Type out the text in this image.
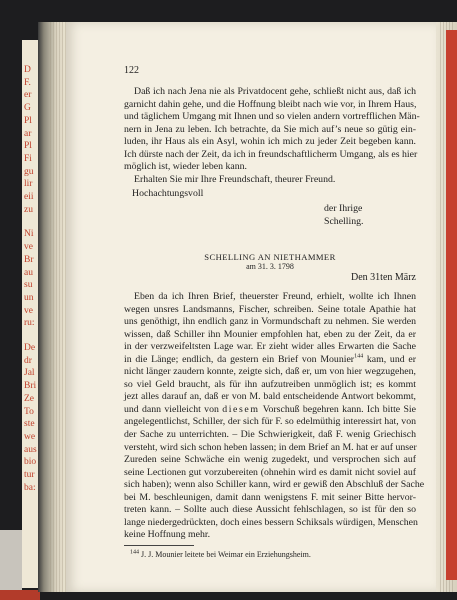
D
F.
er
G
Pl
ar
Pl
Fi
gu
lir
eii
zu
Ni
ve
Br
au
su
un
ve
ru:
De
dr
Jal
Bri
Ze
To
ste
we
aus
bio
tur
ba:
122
Daß ich nach Jena nie als Privatdocent gehe, schließt nicht aus, daß ich
garnicht dahin gehe, und die Hoffnung bleibt nach wie vor, in Ihrem Haus,
und täglichem Umgang mit Ihnen und so vielen andern vortrefflichen Män-
nern in Jena zu leben. Ich betrachte, da Sie mich auf’s neue so gütig ein-
luden, ihr Haus als ein Asyl, wohin ich mich zu jeder Zeit begeben kann.
Ich dürste nach der Zeit, da ich in freundschaftlicherm Umgang, als es hier
möglich ist, wieder leben kann.
Erhalten Sie mir Ihre Freundschaft, theurer Freund.
Hochachtungsvoll
der Ihrige
Schelling.
SCHELLING AN NIETHAMMER
am 31. 3. 1798
Den 31ten März
Eben da ich Ihren Brief, theuerster Freund, erhielt, wollte ich Ihnen
wegen unsres Landsmanns, Fischer, schreiben. Seine totale Apathie hat
uns genöthigt, ihn endlich ganz in Vormundschaft zu nehmen. Sie werden
wissen, daß Schiller ihn Mounier empfohlen hat, eben zu der Zeit, da er
in der verzweifeltsten Lage war. Er zieht wider alles Erwarten die Sache
in die Länge; endlich, da gestern ein Brief von Mounier$^{144}$ kam, und er
nicht länger zaudern konnte, zeigte sich, daß er, um von hier wegzugehen,
so viel Geld braucht, als für ihn aufzutreiben unmöglich ist; es kommt
jezt alles darauf an, daß er von M. bald entscheidende Antwort bekommt,
und dann vielleicht von diesem Vorschuß begehren kann. Ich bitte Sie
angelegentlichst, Schiller, der sich für F. so edelmüthig interessirt hat, von
der Sache zu unterrichten. – Die Schwierigkeit, daß F. wenig Griechisch
versteht, wird sich schon heben lassen; in dem Brief an M. hat er auf unser
Zureden seine Schwäche ein wenig zugedekt, und versprochen sich auf
seine Lectionen gut vorzubereiten (ohnehin wird es damit nicht soviel auf
sich haben); wenn also Schiller kann, wird er gewiß den Abschluß der Sache
bei M. beschleunigen, damit dann wenigstens F. mit seiner Bitte hervor-
treten kann. – Sollte auch diese Aussicht fehlschlagen, so ist für den so
lange niedergedrückten, doch eines bessern Schiksals würdigen, Menschen
keine Hoffnung mehr.
$^{144}$ J. J. Mounier leitete bei Weimar ein Erziehungsheim.
